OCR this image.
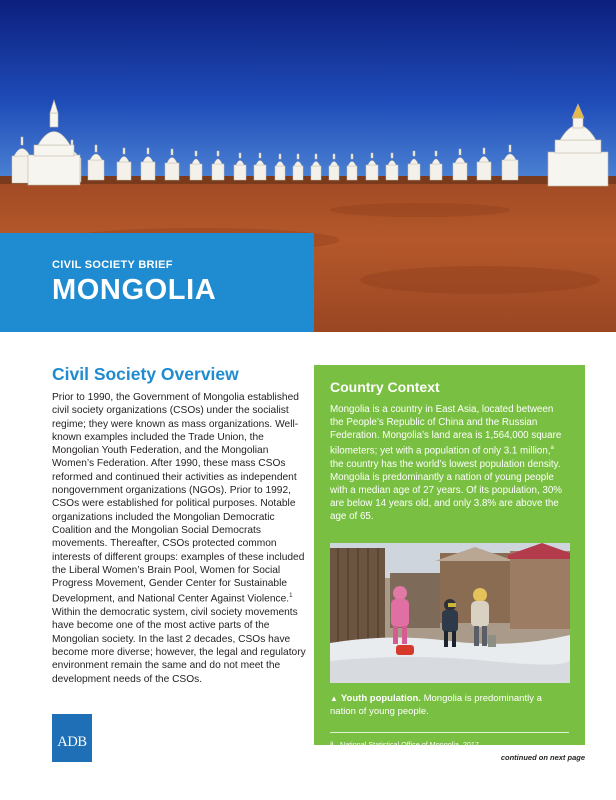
CIVIL SOCIETY BRIEF
MONGOLIA
Civil Society Overview

Prior to 1990, the Government of Mongolia established civil society organizations (CSOs) under the socialist regime; they were known as mass organizations. Well-known examples included the Trade Union, the Mongolian Youth Federation, and the Mongolian Women’s Federation. After 1990, these mass CSOs reformed and continued their activities as independent nongovernment organizations (NGOs). Prior to 1992, CSOs were established for political purposes. Notable organizations included the Mongolian Democratic Coalition and the Mongolian Social Democrats movements. Thereafter, CSOs protected common interests of different groups: examples of these included the Liberal Women’s Brain Pool, Women for Social Progress Movement, Gender Center for Sustainable Development, and National Center Against Violence.$^1$ Within the democratic system, civil society movements have become one of the most active parts of the Mongolian society. In the last 2 decades, CSOs have become more diverse; however, the legal and regulatory environment remain the same and do not meet the development needs of the CSOs.

Country Context
Mongolia is a country in East Asia, located between the People’s Republic of China and the Russian Federation. Mongolia’s land area is 1,564,000 square kilometers; yet with a population of only 3.1 million,$^a$ the country has the world’s lowest population density. Mongolia is predominantly a nation of young people with a median age of 27 years. Of its population, 30% are below 14 years old, and only 3.8% are above the age of 65.
▲ Youth population. Mongolia is predominantly a nation of young people.
$^a$ National Statistical Office of Mongolia. 2017.
National Statistical Yearbook.
ADB
continued on next page
